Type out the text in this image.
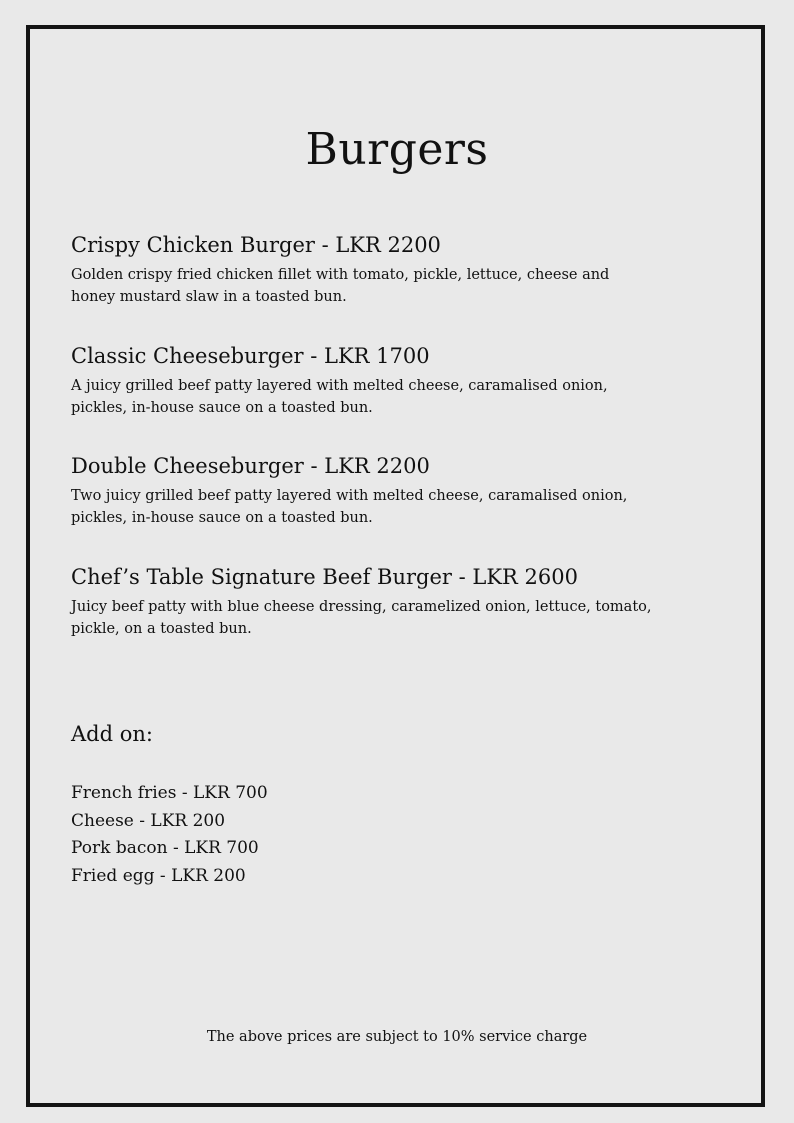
Burgers
Crispy Chicken Burger - LKR 2200

Golden crispy fried chicken fillet with tomato, pickle, lettuce, cheese and
honey mustard slaw in a toasted bun.

Classic Cheeseburger - LKR 1700

A juicy grilled beef patty layered with melted cheese, caramalised onion,
pickles, in-house sauce on a toasted bun.

Double Cheeseburger - LKR 2200

Two juicy grilled beef patty layered with melted cheese, caramalised onion,
pickles, in-house sauce on a toasted bun.

Chef’s Table Signature Beef Burger - LKR 2600

Juicy beef patty with blue cheese dressing, caramelized onion, lettuce, tomato,
pickle, on a toasted bun.

Add on:
French fries - LKR 700
Cheese - LKR 200
Pork bacon - LKR 700
Fried egg - LKR 200

The above prices are subject to 10% service charge
